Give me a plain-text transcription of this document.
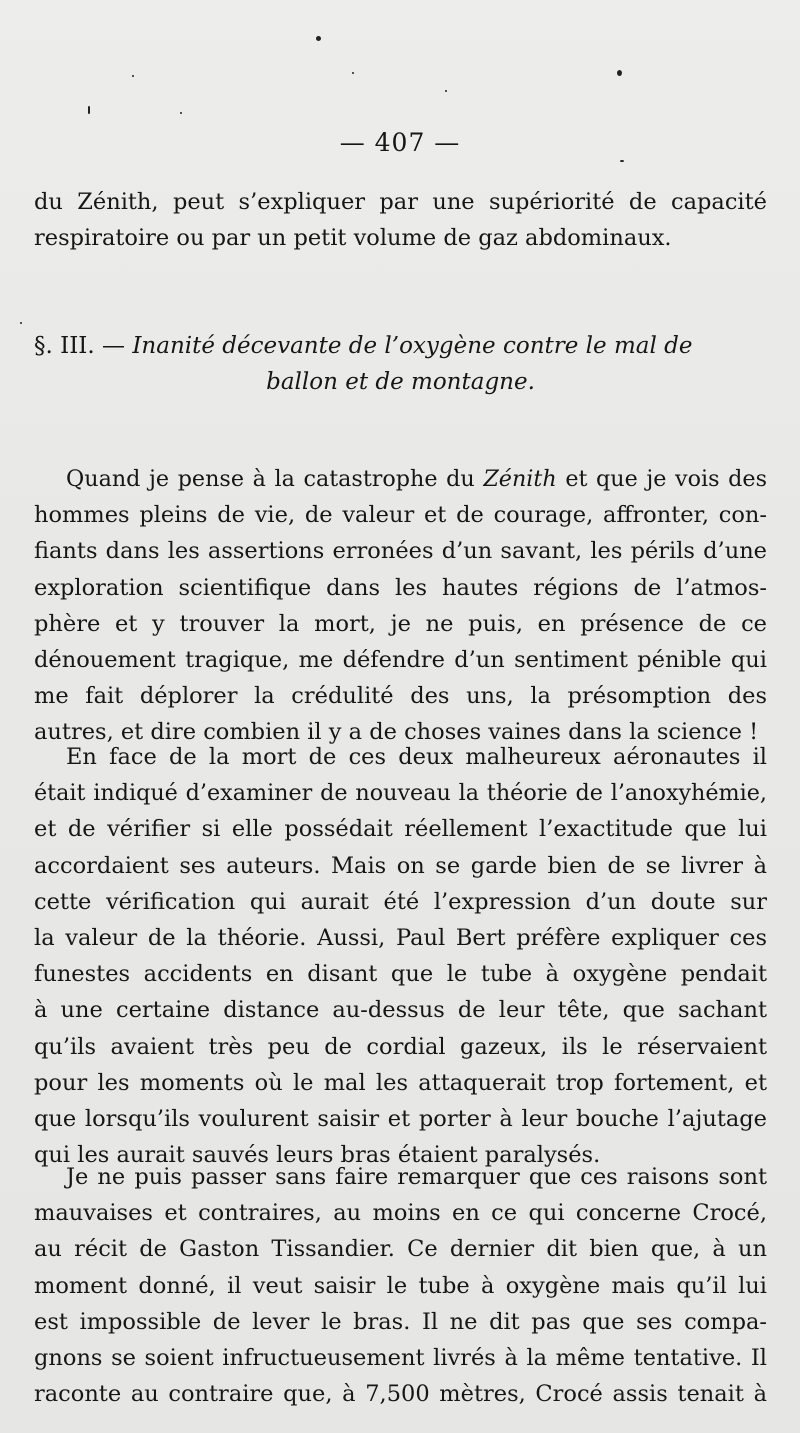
— 407 —
du Zénith, peut s’expliquer par une supériorité de capacité
respiratoire ou par un petit volume de gaz abdominaux.
§. III. — Inanité décevante de l’oxygène contre le mal de
ballon et de montagne.
Quand je pense à la catastrophe du Zénith et que je vois des
hommes pleins de vie, de valeur et de courage, affronter, con-
fiants dans les assertions erronées d’un savant, les périls d’une
exploration scientifique dans les hautes régions de l’atmos-
phère et y trouver la mort, je ne puis, en présence de ce
dénouement tragique, me défendre d’un sentiment pénible qui
me fait déplorer la crédulité des uns, la présomption des
autres, et dire combien il y a de choses vaines dans la science !
En face de la mort de ces deux malheureux aéronautes il
était indiqué d’examiner de nouveau la théorie de l’anoxyhémie,
et de vérifier si elle possédait réellement l’exactitude que lui
accordaient ses auteurs. Mais on se garde bien de se livrer à
cette vérification qui aurait été l’expression d’un doute sur
la valeur de la théorie. Aussi, Paul Bert préfère expliquer ces
funestes accidents en disant que le tube à oxygène pendait
à une certaine distance au-dessus de leur tête, que sachant
qu’ils avaient très peu de cordial gazeux, ils le réservaient
pour les moments où le mal les attaquerait trop fortement, et
que lorsqu’ils voulurent saisir et porter à leur bouche l’ajutage
qui les aurait sauvés leurs bras étaient paralysés.
Je ne puis passer sans faire remarquer que ces raisons sont
mauvaises et contraires, au moins en ce qui concerne Crocé,
au récit de Gaston Tissandier. Ce dernier dit bien que, à un
moment donné, il veut saisir le tube à oxygène mais qu’il lui
est impossible de lever le bras. Il ne dit pas que ses compa-
gnons se soient infructueusement livrés à la même tentative. Il
raconte au contraire que, à 7,500 mètres, Crocé assis tenait à
